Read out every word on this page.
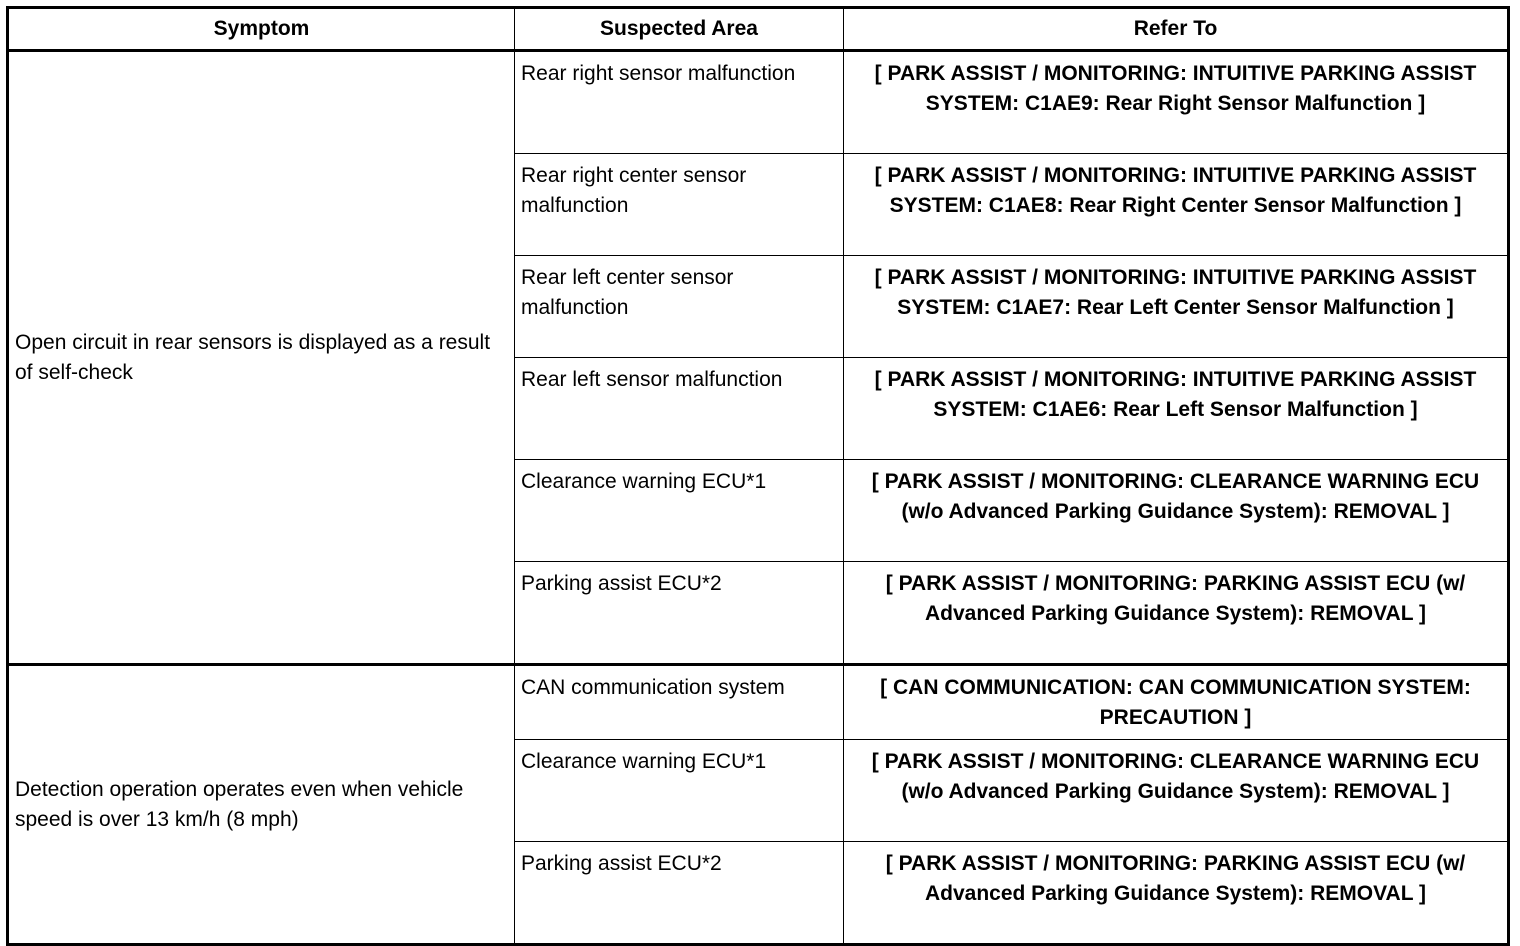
Symptom	Suspected Area	Refer To
Open circuit in rear sensors is displayed as a result of self-check	Rear right sensor malfunction	[ PARK ASSIST / MONITORING: INTUITIVE PARKING ASSIST SYSTEM: C1AE9: Rear Right Sensor Malfunction ]
	Rear right center sensor malfunction	[ PARK ASSIST / MONITORING: INTUITIVE PARKING ASSIST SYSTEM: C1AE8: Rear Right Center Sensor Malfunction ]
	Rear left center sensor malfunction	[ PARK ASSIST / MONITORING: INTUITIVE PARKING ASSIST SYSTEM: C1AE7: Rear Left Center Sensor Malfunction ]
	Rear left sensor malfunction	[ PARK ASSIST / MONITORING: INTUITIVE PARKING ASSIST SYSTEM: C1AE6: Rear Left Sensor Malfunction ]
	Clearance warning ECU*1	[ PARK ASSIST / MONITORING: CLEARANCE WARNING ECU (w/o Advanced Parking Guidance System): REMOVAL ]
	Parking assist ECU*2	[ PARK ASSIST / MONITORING: PARKING ASSIST ECU (w/ Advanced Parking Guidance System): REMOVAL ]
Detection operation operates even when vehicle speed is over 13 km/h (8 mph)	CAN communication system	[ CAN COMMUNICATION: CAN COMMUNICATION SYSTEM: PRECAUTION ]
	Clearance warning ECU*1	[ PARK ASSIST / MONITORING: CLEARANCE WARNING ECU (w/o Advanced Parking Guidance System): REMOVAL ]
	Parking assist ECU*2	[ PARK ASSIST / MONITORING: PARKING ASSIST ECU (w/ Advanced Parking Guidance System): REMOVAL ]
